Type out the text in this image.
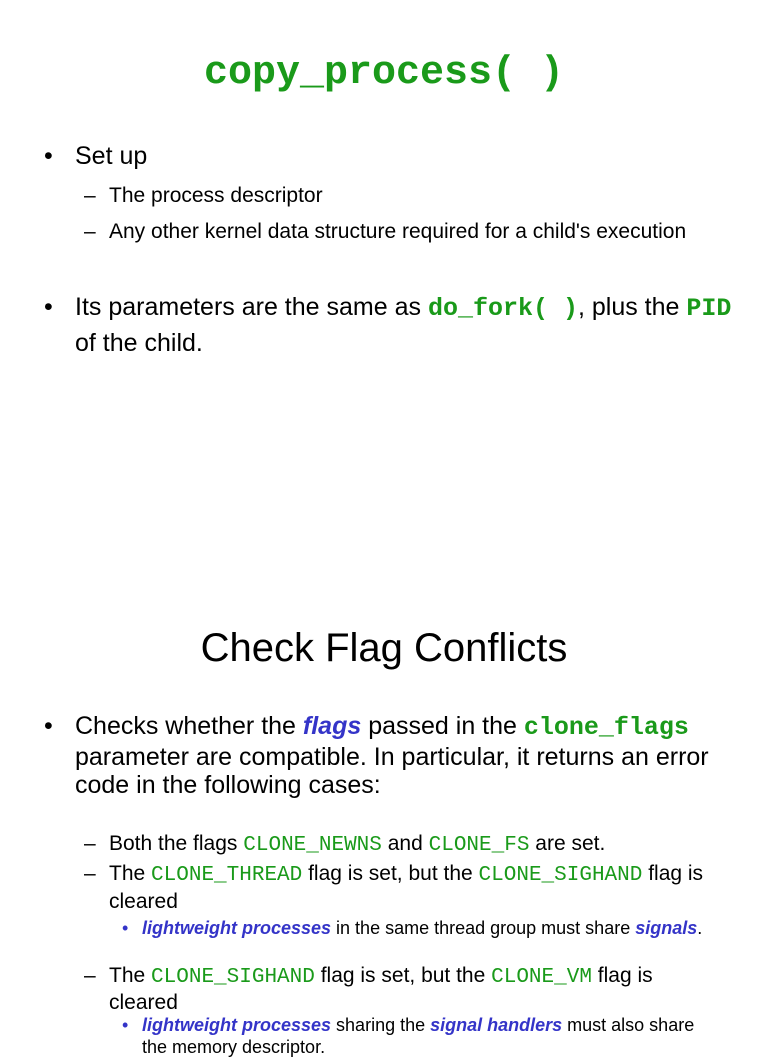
copy_process( )
• Set up
– The process descriptor
– Any other kernel data structure required for a child's execution
• Its parameters are the same as do_fork( ), plus the PID of the child.
Check Flag Conflicts
• Checks whether the flags passed in the clone_flags parameter are compatible. In particular, it returns an error code in the following cases:
– Both the flags CLONE_NEWNS and CLONE_FS are set.
– The CLONE_THREAD flag is set, but the CLONE_SIGHAND flag is cleared
• lightweight processes in the same thread group must share signals.
– The CLONE_SIGHAND flag is set, but the CLONE_VM flag is cleared
• lightweight processes sharing the signal handlers must also share the memory descriptor.
